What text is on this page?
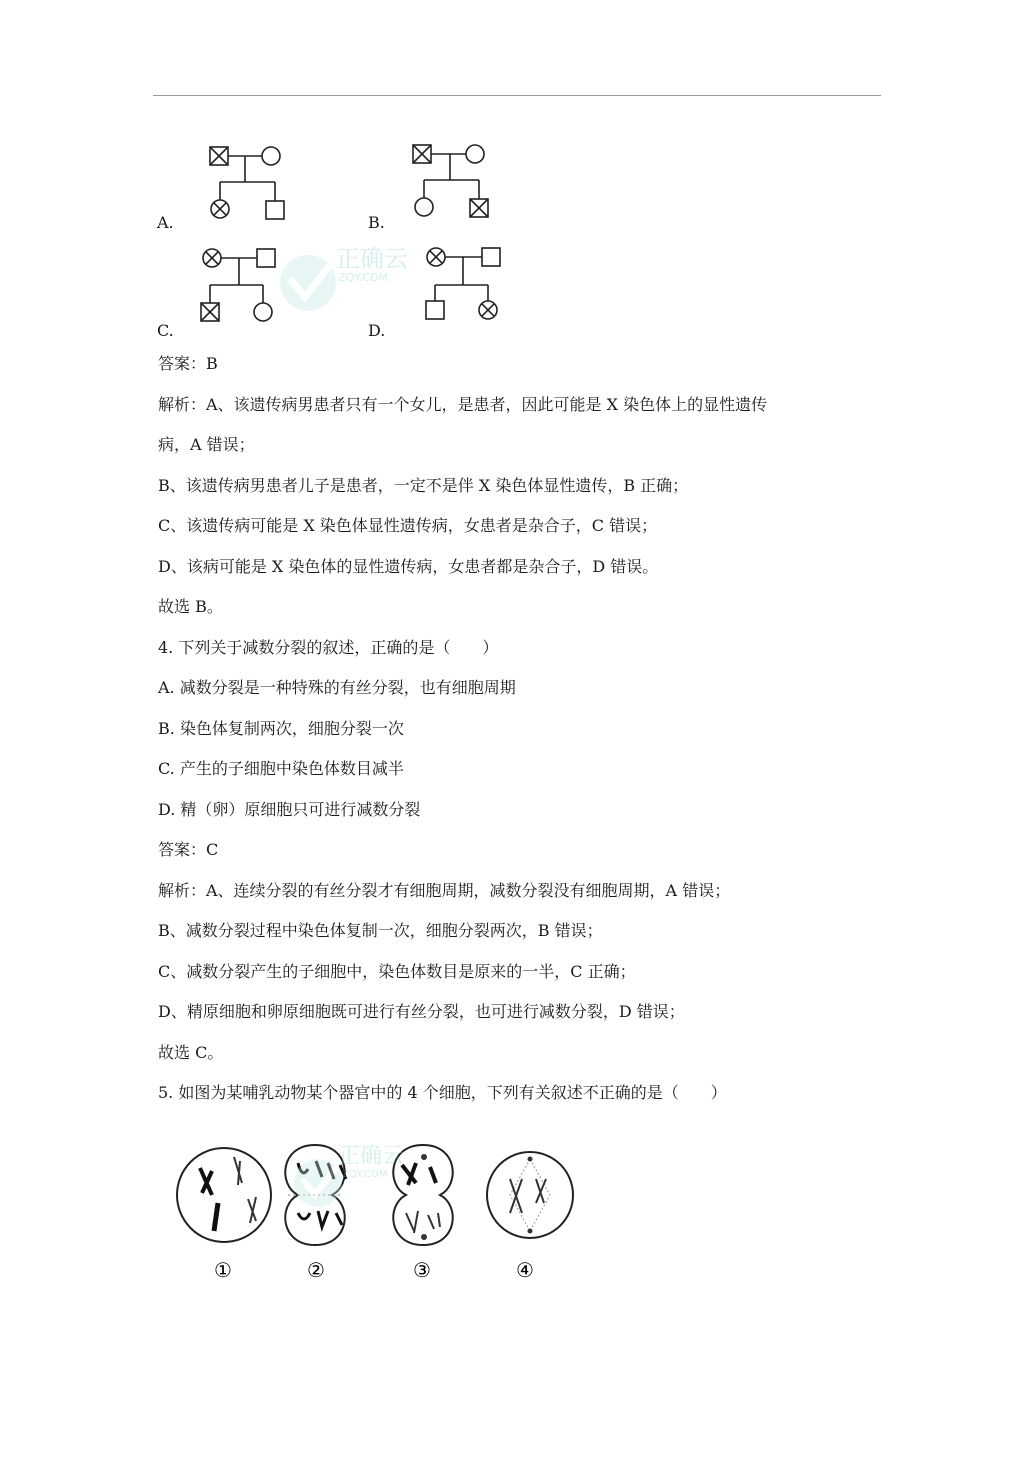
A.	B.
C.	D.
正确云
ZQY.COM
答案：B
解析：A、该遗传病男患者只有一个女儿，是患者，因此可能是 X 染色体上的显性遗传
病，A 错误；
B、该遗传病男患者儿子是患者，一定不是伴 X 染色体显性遗传，B 正确；
C、该遗传病可能是 X 染色体显性遗传病，女患者是杂合子，C 错误；
D、该病可能是 X 染色体的显性遗传病，女患者都是杂合子，D 错误。
故选 B。
4. 下列关于减数分裂的叙述，正确的是（　　）
A. 减数分裂是一种特殊的有丝分裂，也有细胞周期
B. 染色体复制两次，细胞分裂一次
C. 产生的子细胞中染色体数目减半
D. 精（卵）原细胞只可进行减数分裂
答案：C
解析：A、连续分裂的有丝分裂才有细胞周期，减数分裂没有细胞周期，A 错误；
B、减数分裂过程中染色体复制一次，细胞分裂两次，B 错误；
C、减数分裂产生的子细胞中，染色体数目是原来的一半，C 正确；
D、精原细胞和卵原细胞既可进行有丝分裂，也可进行减数分裂，D 错误；
故选 C。
5. 如图为某哺乳动物某个器官中的 4 个细胞，下列有关叙述不正确的是（　　）
正确云
ZQY.COM
①	②	③	④
